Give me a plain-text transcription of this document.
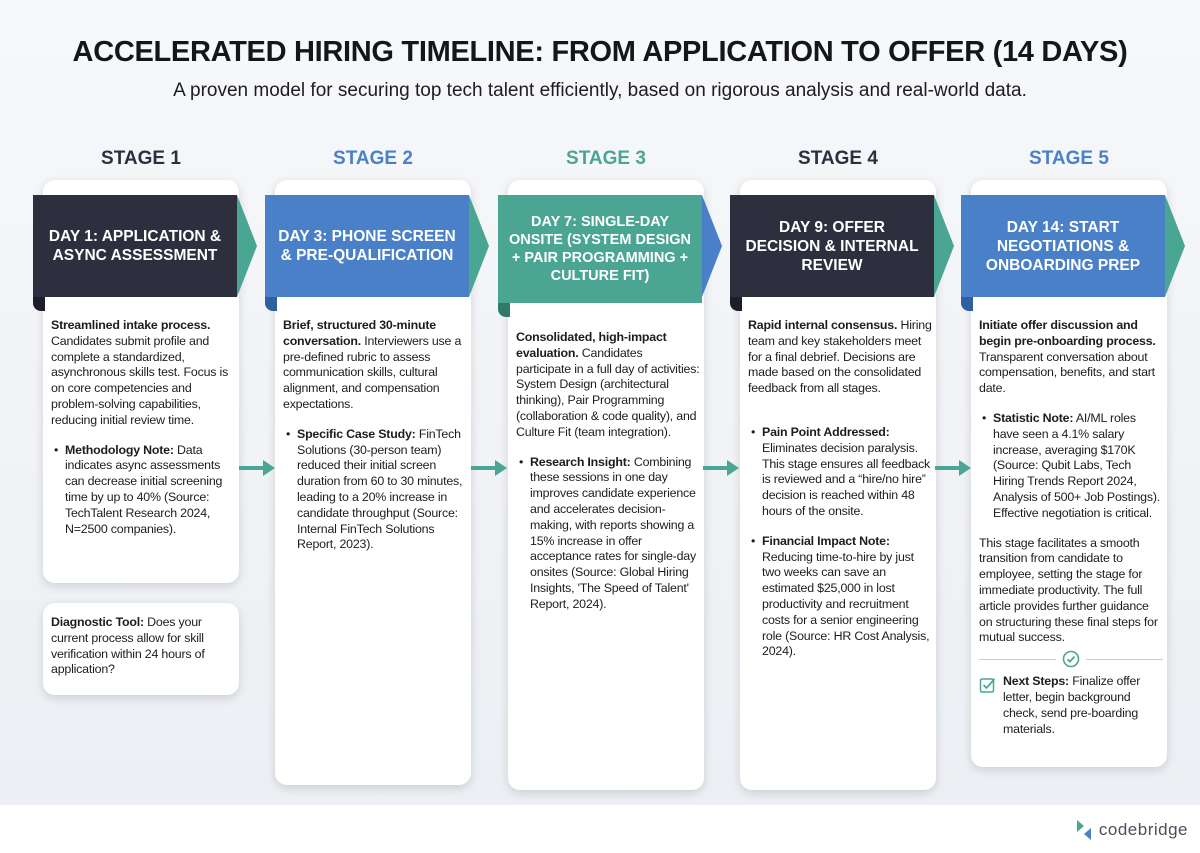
ACCELERATED HIRING TIMELINE: FROM APPLICATION TO OFFER (14 DAYS)
A proven model for securing top tech talent efficiently, based on rigorous analysis and real-world data.
STAGE 1
DAY 1: APPLICATION & ASYNC ASSESSMENT

Streamlined intake process. Candidates submit profile and complete a standardized, asynchronous skills test. Focus is on core competencies and problem-solving capabilities, reducing initial review time.

• Methodology Note: Data indicates async assessments can decrease initial screening time by up to 40% (Source: TechTalent Research 2024, N=2500 companies).
Diagnostic Tool: Does your current process allow for skill verification within 24 hours of application?
STAGE 2
DAY 3: PHONE SCREEN & PRE-QUALIFICATION

Brief, structured 30-minute conversation. Interviewers use a pre-defined rubric to assess communication skills, cultural alignment, and compensation expectations.

• Specific Case Study: FinTech Solutions (30-person team) reduced their initial screen duration from 60 to 30 minutes, leading to a 20% increase in candidate throughput (Source: Internal FinTech Solutions Report, 2023).
STAGE 3
DAY 7: SINGLE-DAY ONSITE (SYSTEM DESIGN + PAIR PROGRAMMING + CULTURE FIT)

Consolidated, high-impact evaluation. Candidates participate in a full day of activities: System Design (architectural thinking), Pair Programming (collaboration & code quality), and Culture Fit (team integration).

• Research Insight: Combining these sessions in one day improves candidate experience and accelerates decision-making, with reports showing a 15% increase in offer acceptance rates for single-day onsites (Source: Global Hiring Insights, 'The Speed of Talent' Report, 2024).
STAGE 4
DAY 9: OFFER DECISION & INTERNAL REVIEW

Rapid internal consensus. Hiring team and key stakeholders meet for a final debrief. Decisions are made based on the consolidated feedback from all stages.

• Pain Point Addressed: Eliminates decision paralysis. This stage ensures all feedback is reviewed and a “hire/no hire” decision is reached within 48 hours of the onsite.
• Financial Impact Note: Reducing time-to-hire by just two weeks can save an estimated $25,000 in lost productivity and recruitment costs for a senior engineering role (Source: HR Cost Analysis, 2024).
STAGE 5
DAY 14: START NEGOTIATIONS & ONBOARDING PREP

Initiate offer discussion and begin pre-onboarding process. Transparent conversation about compensation, benefits, and start date.

• Statistic Note: AI/ML roles have seen a 4.1% salary increase, averaging $170K (Source: Qubit Labs, Tech Hiring Trends Report 2024, Analysis of 500+ Job Postings). Effective negotiation is critical.

This stage facilitates a smooth transition from candidate to employee, setting the stage for immediate productivity. The full article provides further guidance on structuring these final steps for mutual success.

Next Steps: Finalize offer letter, begin background check, send pre-boarding materials.
codebridge
